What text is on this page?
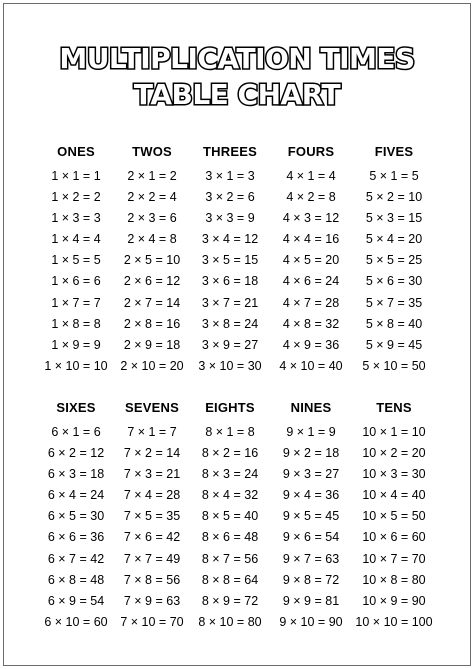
MULTIPLICATION TIMES
TABLE CHART
ONES
1 × 1 = 1
1 × 2 = 2
1 × 3 = 3
1 × 4 = 4
1 × 5 = 5
1 × 6 = 6
1 × 7 = 7
1 × 8 = 8
1 × 9 = 9
1 × 10 = 10
TWOS
2 × 1 = 2
2 × 2 = 4
2 × 3 = 6
2 × 4 = 8
2 × 5 = 10
2 × 6 = 12
2 × 7 = 14
2 × 8 = 16
2 × 9 = 18
2 × 10 = 20
THREES
3 × 1 = 3
3 × 2 = 6
3 × 3 = 9
3 × 4 = 12
3 × 5 = 15
3 × 6 = 18
3 × 7 = 21
3 × 8 = 24
3 × 9 = 27
3 × 10 = 30
FOURS
4 × 1 = 4
4 × 2 = 8
4 × 3 = 12
4 × 4 = 16
4 × 5 = 20
4 × 6 = 24
4 × 7 = 28
4 × 8 = 32
4 × 9 = 36
4 × 10 = 40
FIVES
5 × 1 = 5
5 × 2 = 10
5 × 3 = 15
5 × 4 = 20
5 × 5 = 25
5 × 6 = 30
5 × 7 = 35
5 × 8 = 40
5 × 9 = 45
5 × 10 = 50
SIXES
6 × 1 = 6
6 × 2 = 12
6 × 3 = 18
6 × 4 = 24
6 × 5 = 30
6 × 6 = 36
6 × 7 = 42
6 × 8 = 48
6 × 9 = 54
6 × 10 = 60
SEVENS
7 × 1 = 7
7 × 2 = 14
7 × 3 = 21
7 × 4 = 28
7 × 5 = 35
7 × 6 = 42
7 × 7 = 49
7 × 8 = 56
7 × 9 = 63
7 × 10 = 70
EIGHTS
8 × 1 = 8
8 × 2 = 16
8 × 3 = 24
8 × 4 = 32
8 × 5 = 40
8 × 6 = 48
8 × 7 = 56
8 × 8 = 64
8 × 9 = 72
8 × 10 = 80
NINES
9 × 1 = 9
9 × 2 = 18
9 × 3 = 27
9 × 4 = 36
9 × 5 = 45
9 × 6 = 54
9 × 7 = 63
9 × 8 = 72
9 × 9 = 81
9 × 10 = 90
TENS
10 × 1 = 10
10 × 2 = 20
10 × 3 = 30
10 × 4 = 40
10 × 5 = 50
10 × 6 = 60
10 × 7 = 70
10 × 8 = 80
10 × 9 = 90
10 × 10 = 100
